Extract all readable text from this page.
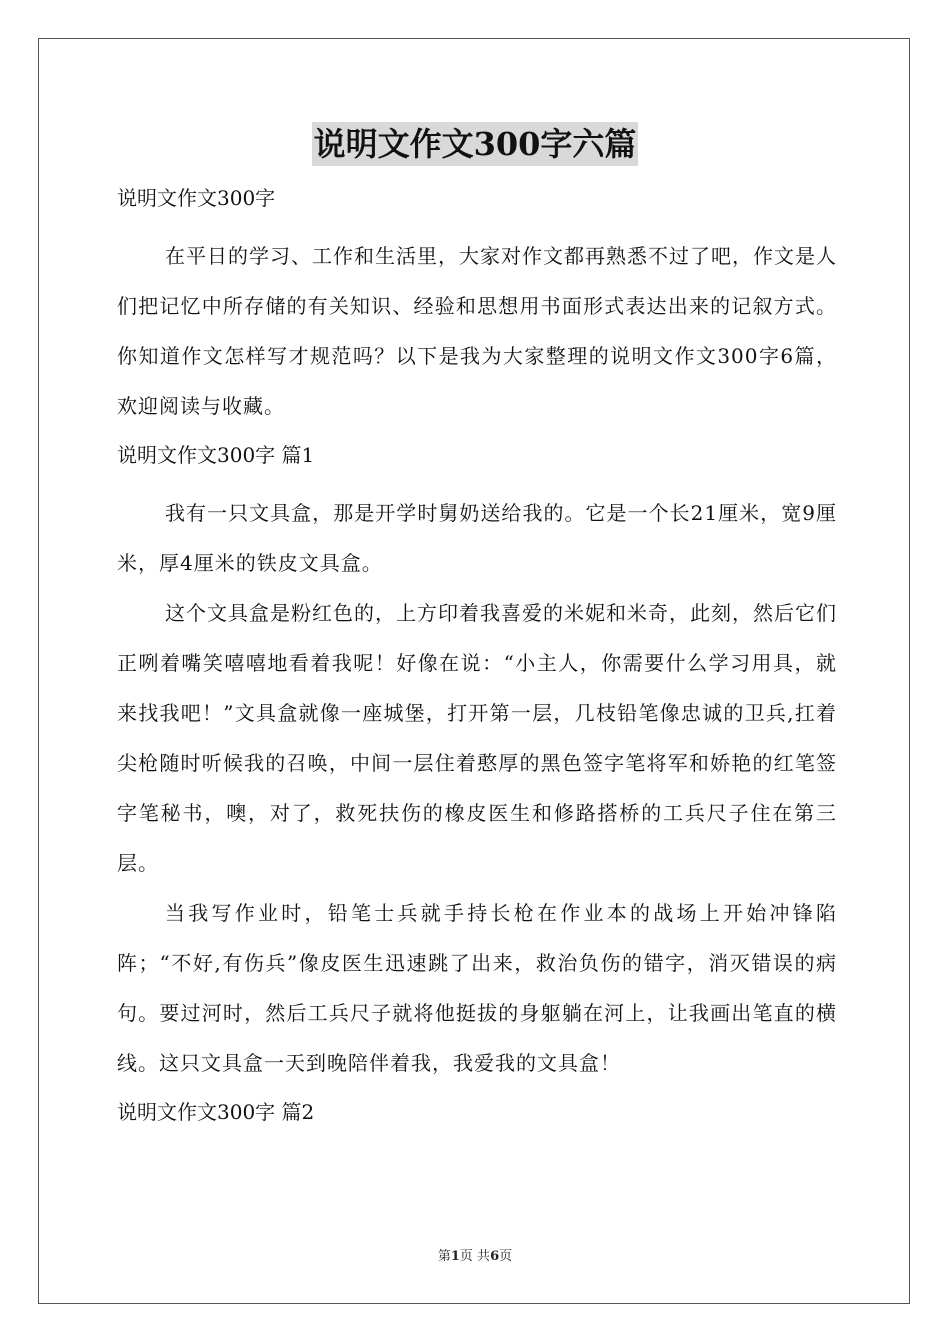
说明文作文300字六篇
说明文作文300字

在平日的学习、工作和生活里，大家对作文都再熟悉不过了吧，作文是人们把记忆中所存储的有关知识、经验和思想用书面形式表达出来的记叙方式。你知道作文怎样写才规范吗？以下是我为大家整理的说明文作文300字6篇，欢迎阅读与收藏。

说明文作文300字 篇1

我有一只文具盒，那是开学时舅奶送给我的。它是一个长21厘米，宽9厘米，厚4厘米的铁皮文具盒。

这个文具盒是粉红色的，上方印着我喜爱的米妮和米奇，此刻，然后它们正咧着嘴笑嘻嘻地看着我呢！好像在说：“小主人，你需要什么学习用具，就来找我吧！”文具盒就像一座城堡，打开第一层，几枝铅笔像忠诚的卫兵,扛着尖枪随时听候我的召唤，中间一层住着憨厚的黑色签字笔将军和娇艳的红笔签字笔秘书，噢，对了，救死扶伤的橡皮医生和修路搭桥的工兵尺子住在第三层。

当我写作业时，铅笔士兵就手持长枪在作业本的战场上开始冲锋陷阵；“不好,有伤兵”像皮医生迅速跳了出来，救治负伤的错字，消灭错误的病句。要过河时，然后工兵尺子就将他挺拔的身躯躺在河上，让我画出笔直的横线。这只文具盒一天到晚陪伴着我，我爱我的文具盒！

说明文作文300字 篇2
第1页 共6页
